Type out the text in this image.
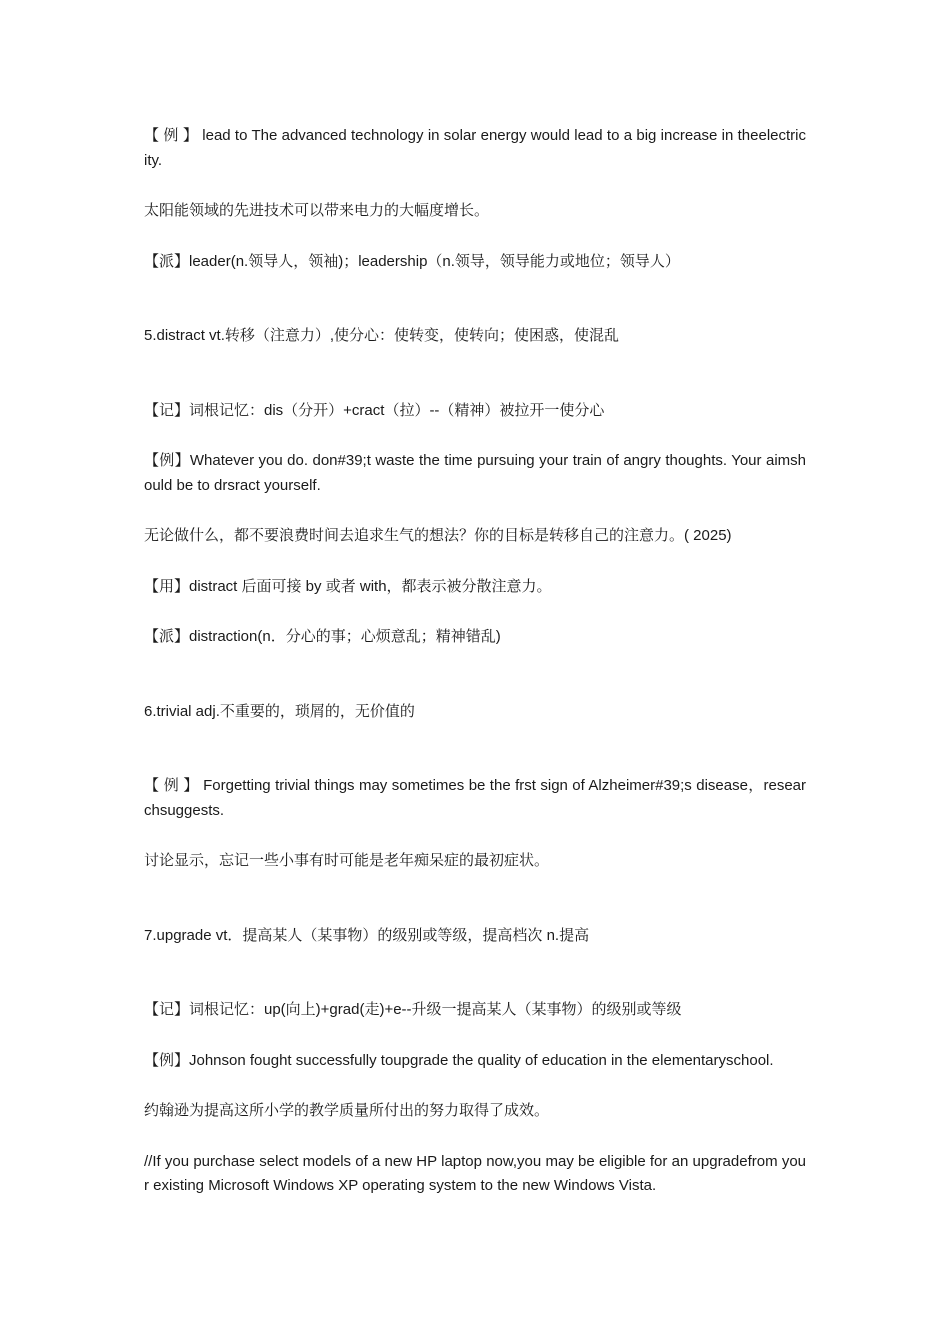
【 例 】 lead to The advanced technology in solar energy would lead to a big increase in theelectricity.

太阳能领域的先进技术可以带来电力的大幅度增长。

【派】leader(n.领导人，领袖)；leadership（n.领导，领导能力或地位；领导人）

5.distract vt.转移（注意力）,使分心：使转变，使转向；使困惑，使混乱

【记】词根记忆：dis（分开）+cract（拉）--（精神）被拉开一使分心

【例】Whatever you do. don#39;t waste the time pursuing your train of angry thoughts. Your aimshould be to drsract yourself.

无论做什么，都不要浪费时间去追求生气的想法？你的目标是转移自己的注意力。( 2025)

【用】distract 后面可接 by 或者 with，都表示被分散注意力。

【派】distraction(n．分心的事；心烦意乱；精神错乱)

6.trivial adj.不重要的，琐屑的，无价值的

【 例 】 Forgetting trivial things may sometimes be the frst sign of Alzheimer#39;s disease，researchsuggests.

讨论显示，忘记一些小事有时可能是老年痴呆症的最初症状。

7.upgrade vt．提高某人（某事物）的级别或等级，提高档次 n.提高

【记】词根记忆：up(向上)+grad(走)+e--升级一提高某人（某事物）的级别或等级

【例】Johnson fought successfully toupgrade the quality of education in the elementaryschool.

约翰逊为提高这所小学的教学质量所付出的努力取得了成效。

//If you purchase select models of a new HP laptop now,you may be eligible for an upgradefrom your existing Microsoft Windows XP operating system to the new Windows Vista.
